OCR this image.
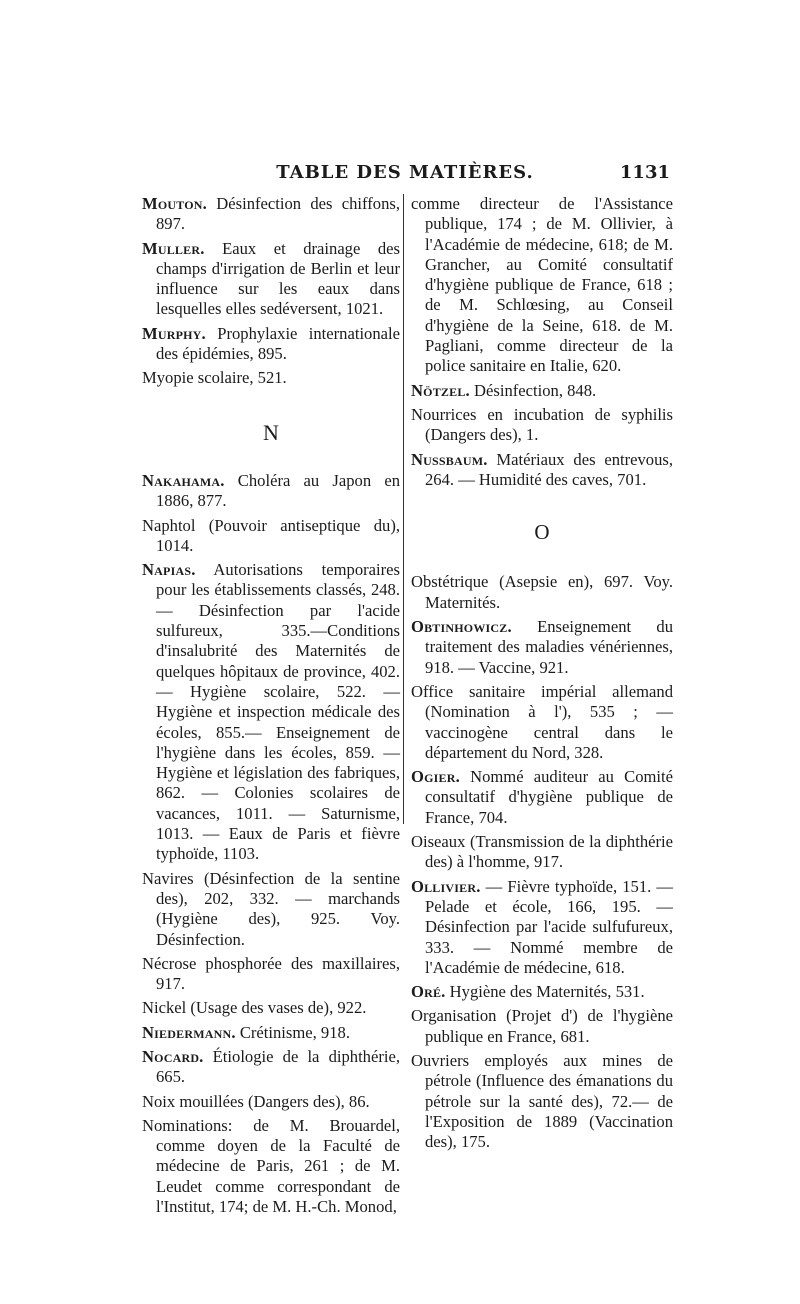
TABLE DES MATIÈRES.	1131
Mouton. Désinfection des chiffons, 897.
Muller. Eaux et drainage des champs d'irrigation de Berlin et leur influence sur les eaux dans lesquelles elles sedéversent, 1021.
Murphy. Prophylaxie internationale des épidémies, 895.
Myopie scolaire, 521.
N
Nakahama. Choléra au Japon en 1886, 877.
Naphtol (Pouvoir antiseptique du), 1014.
Napias. Autorisations temporaires pour les établissements classés, 248. — Désinfection par l'acide sulfureux, 335.—Conditions d'insalubrité des Maternités de quelques hôpitaux de province, 402.— Hygiène scolaire, 522. — Hygiène et inspection médicale des écoles, 855.— Enseignement de l'hygiène dans les écoles, 859. — Hygiène et législation des fabriques, 862. — Colonies scolaires de vacances, 1011. — Saturnisme, 1013. — Eaux de Paris et fièvre typhoïde, 1103.
Navires (Désinfection de la sentine des), 202, 332. — marchands (Hygiène des), 925. Voy. Désinfection.
Nécrose phosphorée des maxillaires, 917.
Nickel (Usage des vases de), 922.
Niedermann. Crétinisme, 918.
Nocard. Étiologie de la diphthérie, 665.
Noix mouillées (Dangers des), 86.
Nominations: de M. Brouardel, comme doyen de la Faculté de médecine de Paris, 261 ; de M. Leudet comme correspondant de l'Institut, 174; de M. H.-Ch. Monod,
comme directeur de l'Assistance publique, 174 ; de M. Ollivier, à l'Académie de médecine, 618; de M. Grancher, au Comité consultatif d'hygiène publique de France, 618 ; de M. Schlœsing, au Conseil d'hygiène de la Seine, 618. de M. Pagliani, comme directeur de la police sanitaire en Italie, 620.
Nötzel. Désinfection, 848.
Nourrices en incubation de syphilis (Dangers des), 1.
Nussbaum. Matériaux des entrevous, 264. — Humidité des caves, 701.
O
Obstétrique (Asepsie en), 697. Voy. Maternités.
Obtinhowicz. Enseignement du traitement des maladies vénériennes, 918. — Vaccine, 921.
Office sanitaire impérial allemand (Nomination à l'), 535 ; — vaccinogène central dans le département du Nord, 328.
Ogier. Nommé auditeur au Comité consultatif d'hygiène publique de France, 704.
Oiseaux (Transmission de la diphthérie des) à l'homme, 917.
Ollivier. — Fièvre typhoïde, 151. — Pelade et école, 166, 195. — Désinfection par l'acide sulfufureux, 333. — Nommé membre de l'Académie de médecine, 618.
Oré. Hygiène des Maternités, 531.
Organisation (Projet d') de l'hygiène publique en France, 681.
Ouvriers employés aux mines de pétrole (Influence des émanations du pétrole sur la santé des), 72.— de l'Exposition de 1889 (Vaccination des), 175.
